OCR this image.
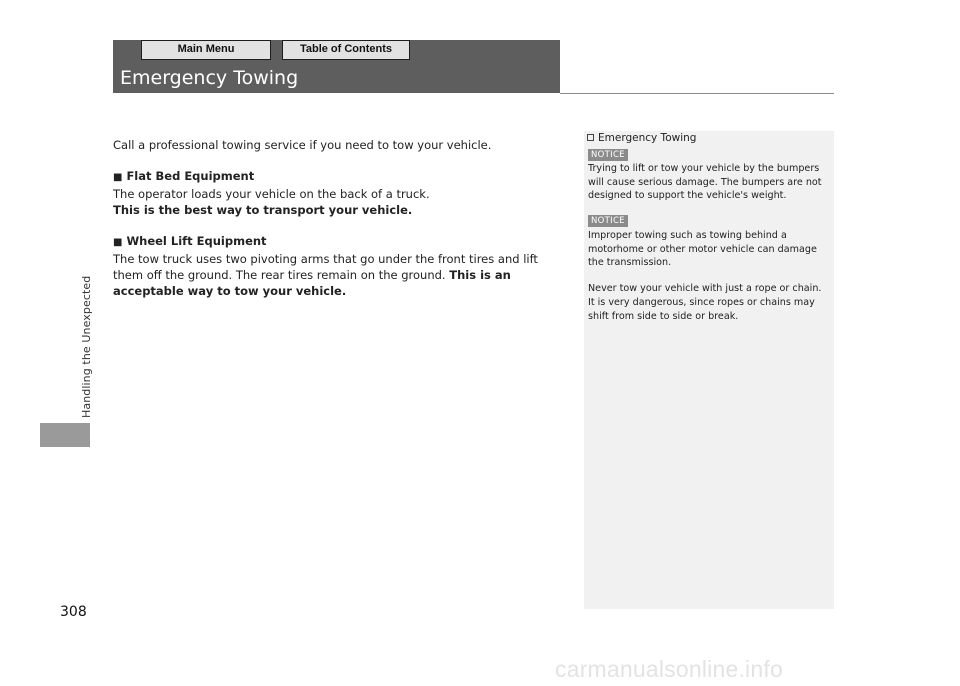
Handling the Unexpected
Main Menu	Table of Contents
Emergency Towing

Call a professional towing service if you need to tow your vehicle.

■ Flat Bed Equipment

The operator loads your vehicle on the back of a truck.

This is the best way to transport your vehicle.

■ Wheel Lift Equipment

The tow truck uses two pivoting arms that go under the front tires and lift them off the ground. The rear tires remain on the ground. This is an acceptable way to tow your vehicle.

Emergency Towing
NOTICE
Trying to lift or tow your vehicle by the bumpers will cause serious damage. The bumpers are not designed to support the vehicle's weight.
NOTICE
Improper towing such as towing behind a motorhome or other motor vehicle can damage the transmission.
Never tow your vehicle with just a rope or chain.
It is very dangerous, since ropes or chains may shift from side to side or break.
308
carmanualsonline.info
